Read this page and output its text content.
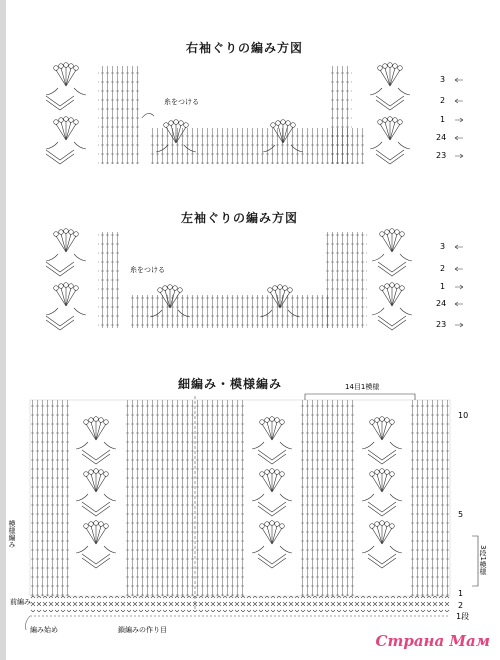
右袖ぐりの編み方図
左袖ぐりの編み方図
細編み・模様編み
糸をつける
3
2
1
24
23
糸をつける
3
2
1
24
23
14目1模様
模様編み
前編み
編み始め	鎖編みの作り目
10
5
1
2
1段
3段1模様
Страна Мам
